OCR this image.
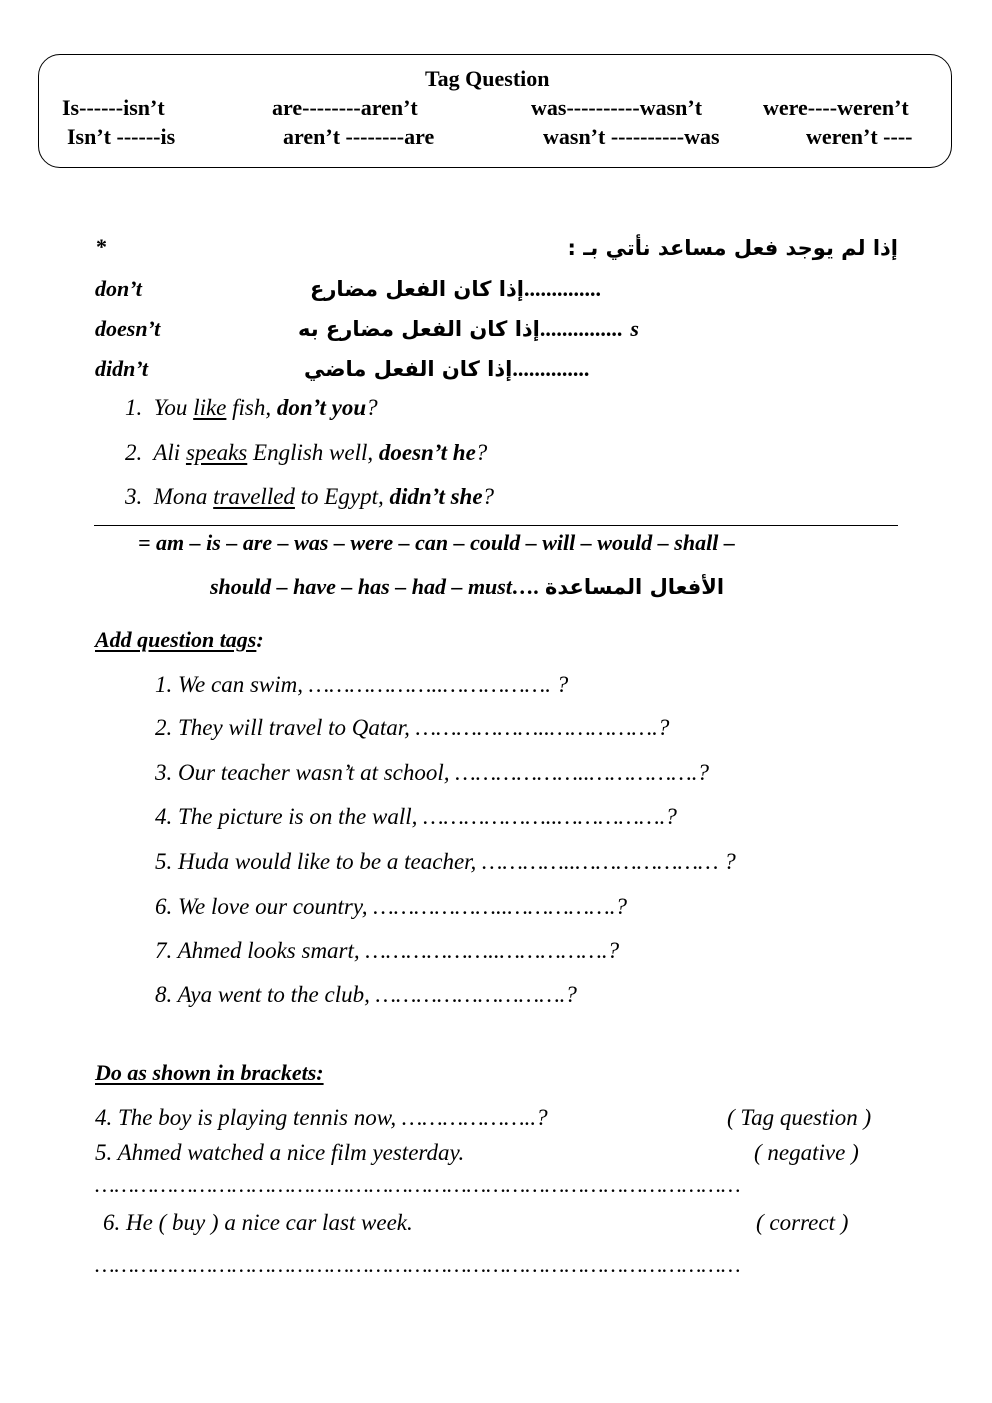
Tag Question
Is------isn’t	are--------aren’t	was----------wasn’t	were----weren’t
Isn’t ------is	aren’t --------are	wasn’t ----------was	weren’t ----
*	إذا لم يوجد فعل مساعد نأتي بـ :
don’t	إذا كان الفعل مضارع..............
doesn’t	إذا كان الفعل مضارع به............... s
didn’t	إذا كان الفعل ماضي..............
1. You like fish, don’t you?
2. Ali speaks English well, doesn’t he?
3. Mona travelled to Egypt, didn’t she?
= am – is – are – was – were – can – could – will – would – shall –
should – have – has – had – must…. الأفعال المساعدة
Add question tags:
1. We can swim, ………………..……………. ?
2. They will travel to Qatar, ………………..…………….?
3. Our teacher wasn’t at school, ………………..…………….?
4. The picture is on the wall, ………………..…………….?
5. Huda would like to be a teacher, …………..………………… ?
6. We love our country, ………………..…………….?
7. Ahmed looks smart, ………………..…………….?
8. Aya went to the club, ……………………….?
Do as shown in brackets:
4. The boy is playing tennis now, ………………..?	( Tag question )
5. Ahmed watched a nice film yesterday.	( negative )
………………………………………………………………………………………
6. He ( buy ) a nice car last week.	( correct )
………………………………………………………………………………………
